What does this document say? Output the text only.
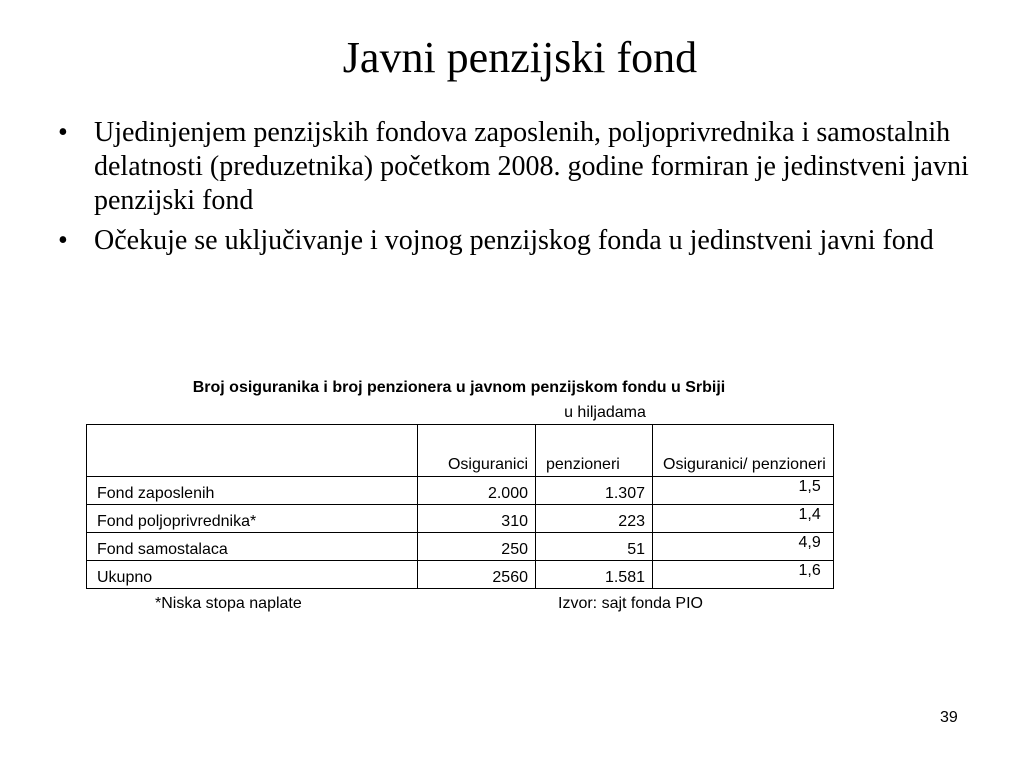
Javni penzijski fond
• Ujedinjenjem penzijskih fondova zaposlenih, poljoprivrednika i samostalnih delatnosti (preduzetnika) početkom 2008. godine formiran je jedinstveni javni penzijski fond
• Očekuje se uključivanje i vojnog penzijskog fonda u jedinstveni javni fond
Broj osiguranika i broj penzionera u javnom penzijskom fondu u Srbiji
u hiljadama
	Osiguranici	penzioneri	Osiguranici/ penzioneri
Fond zaposlenih	2.000	1.307	1,5
Fond poljoprivrednika*	310	223	1,4
Fond samostalaca	250	51	4,9
Ukupno	2560	1.581	1,6
*Niska stopa naplate	Izvor: sajt fonda PIO
39
